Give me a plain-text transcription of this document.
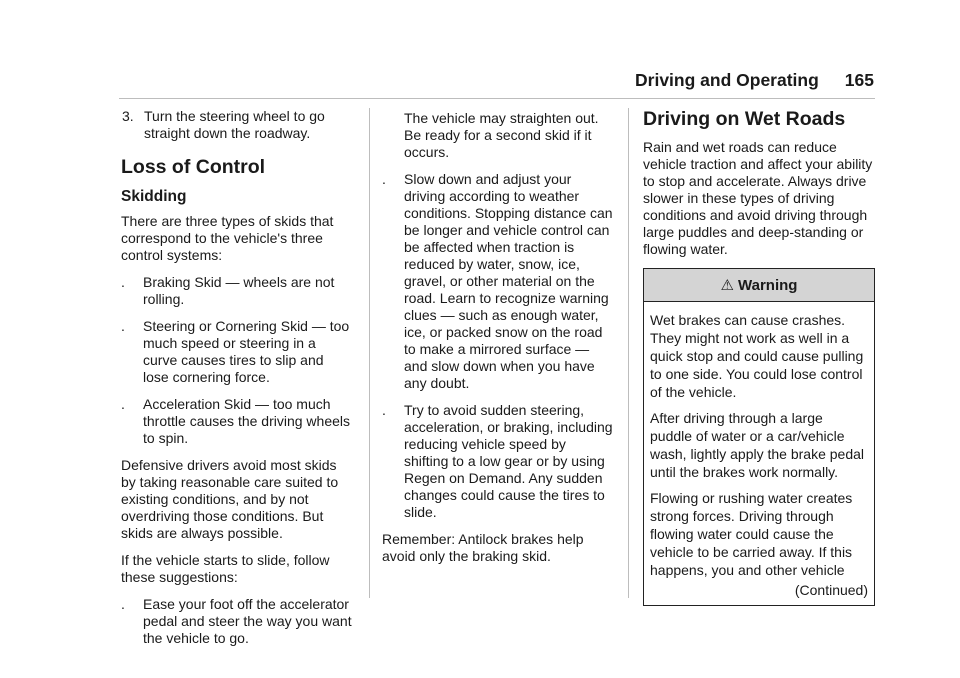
Driving and Operating 165
3. Turn the steering wheel to go straight down the roadway.
Loss of Control
Skidding

There are three types of skids that correspond to the vehicle's three control systems:

.	Braking Skid — wheels are not rolling.
.	Steering or Cornering Skid — too much speed or steering in a curve causes tires to slip and lose cornering force.
.	Acceleration Skid — too much throttle causes the driving wheels to spin.

Defensive drivers avoid most skids by taking reasonable care suited to existing conditions, and by not overdriving those conditions. But skids are always possible.

If the vehicle starts to slide, follow these suggestions:

.	Ease your foot off the accelerator pedal and steer the way you want the vehicle to go.
The vehicle may straighten out. Be ready for a second skid if it occurs.
.	Slow down and adjust your driving according to weather conditions. Stopping distance can be longer and vehicle control can be affected when traction is reduced by water, snow, ice, gravel, or other material on the road. Learn to recognize warning clues — such as enough water, ice, or packed snow on the road to make a mirrored surface — and slow down when you have any doubt.
.	Try to avoid sudden steering, acceleration, or braking, including reducing vehicle speed by shifting to a low gear or by using Regen on Demand. Any sudden changes could cause the tires to slide.

Remember: Antilock brakes help avoid only the braking skid.

Driving on Wet Roads

Rain and wet roads can reduce vehicle traction and affect your ability to stop and accelerate. Always drive slower in these types of driving conditions and avoid driving through large puddles and deep-standing or flowing water.

⚠ Warning

Wet brakes can cause crashes. They might not work as well in a quick stop and could cause pulling to one side. You could lose control of the vehicle.

After driving through a large puddle of water or a car/vehicle wash, lightly apply the brake pedal until the brakes work normally.

Flowing or rushing water creates strong forces. Driving through flowing water could cause the vehicle to be carried away. If this happens, you and other vehicle

(Continued)
